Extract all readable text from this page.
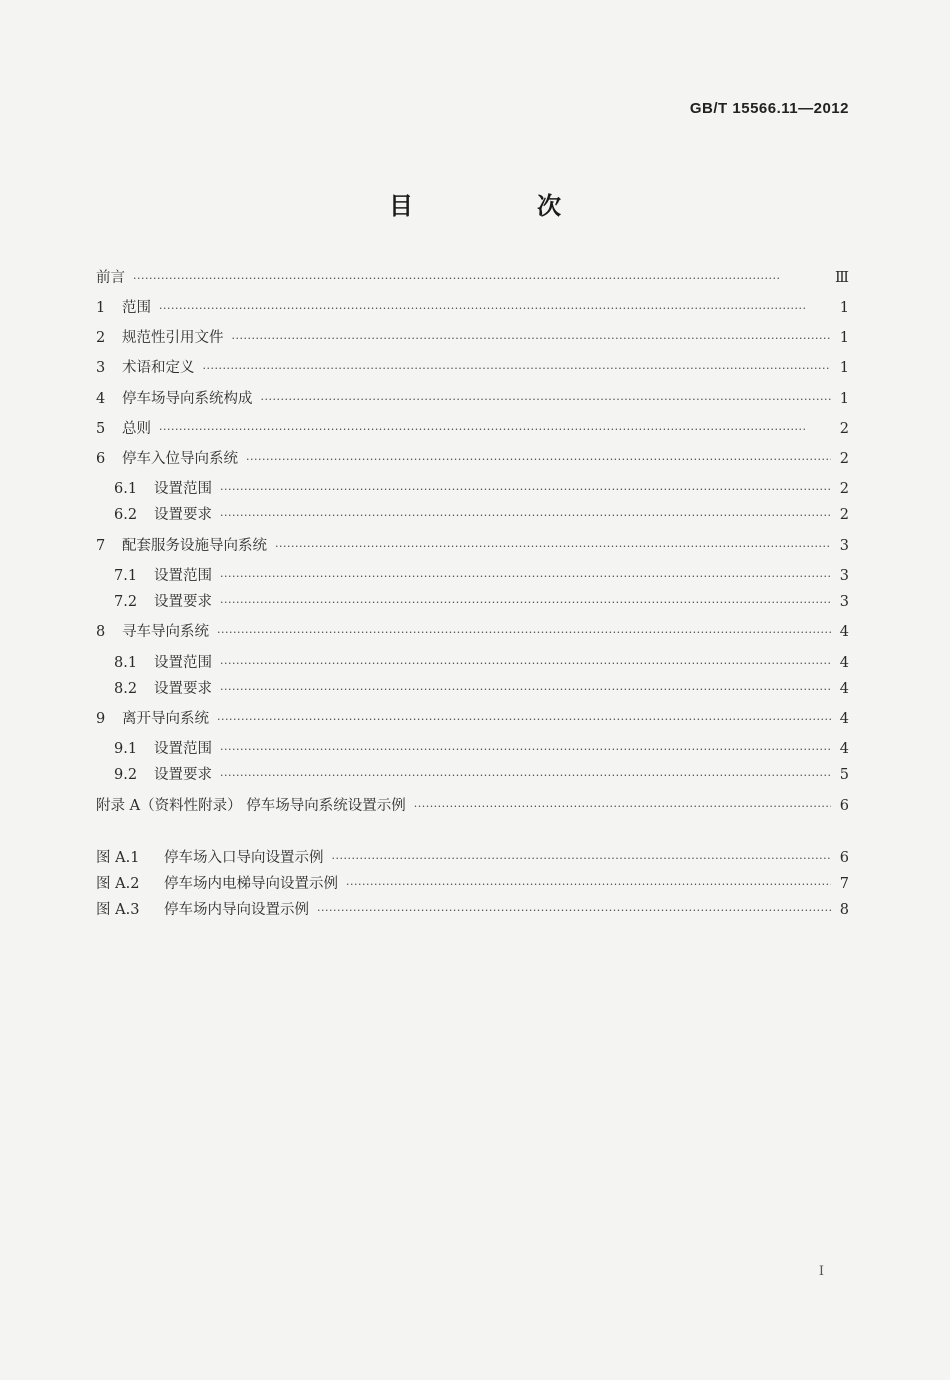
GB/T 15566.11—2012
目　次
前言 ·····	Ⅲ
1	范围 ·····	1
2	规范性引用文件 ·····	1
3	术语和定义 ·····	1
4	停车场导向系统构成 ·····	1
5	总则 ·····	2
6	停车入位导向系统 ·····	2
6.1	设置范围 ·····	2
6.2	设置要求 ·····	2
7	配套服务设施导向系统 ·····	3
7.1	设置范围 ·····	3
7.2	设置要求 ·····	3
8	寻车导向系统 ·····	4
8.1	设置范围 ·····	4
8.2	设置要求 ·····	4
9	离开导向系统 ·····	4
9.1	设置范围 ·····	4
9.2	设置要求 ·····	5
附录 A（资料性附录） 停车场导向系统设置示例 ·····	6
图 A.1	停车场入口导向设置示例 ·····	6
图 A.2	停车场内电梯导向设置示例 ·····	7
图 A.3	停车场内导向设置示例 ·····	8
I
